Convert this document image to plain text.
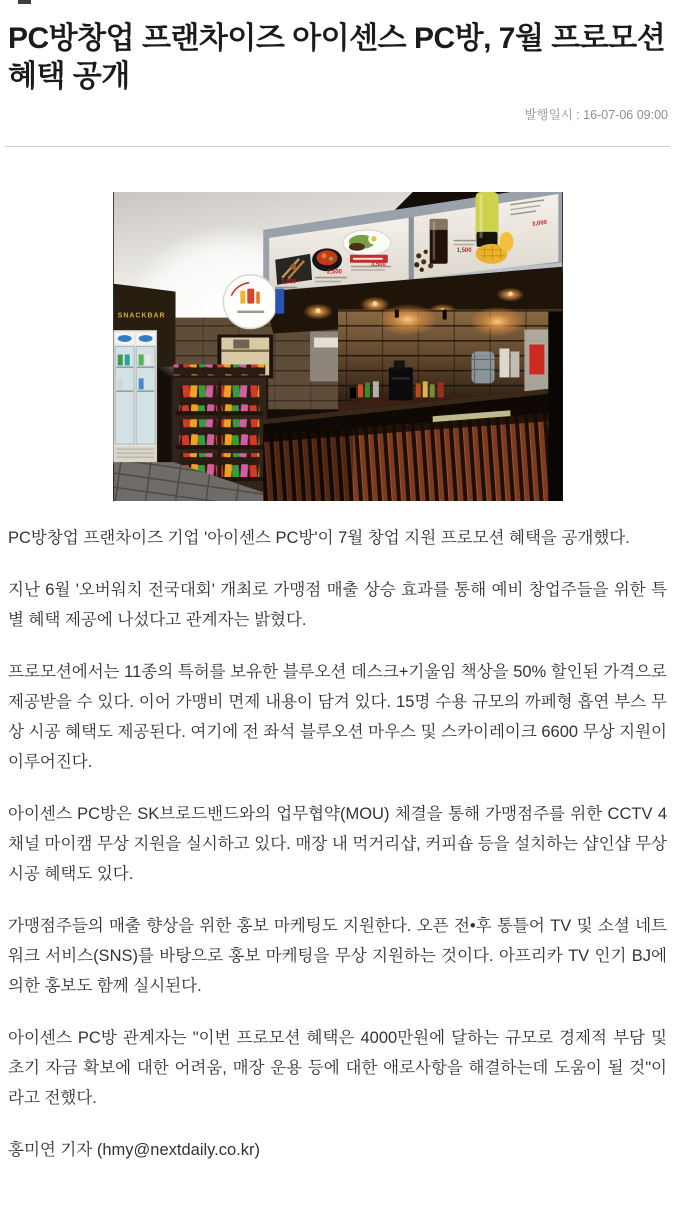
PC방창업 프랜차이즈 아이센스 PC방, 7월 프로모션 혜택 공개
발행일시 : 16-07-06 09:00
SNACKBAR
3,000
2,500
3,500
1,500
3,000

PC방창업 프랜차이즈 기업 '아이센스 PC방'이 7월 창업 지원 프로모션 혜택을 공개했다.

지난 6월 '오버워치 전국대회' 개최로 가맹점 매출 상승 효과를 통해 예비 창업주들을 위한 특별 혜택 제공에 나섰다고 관계자는 밝혔다.

프로모션에서는 11종의 특허를 보유한 블루오션 데스크+기울임 책상을 50% 할인된 가격으로 제공받을 수 있다. 이어 가맹비 면제 내용이 담겨 있다. 15명 수용 규모의 까페형 흡연 부스 무상 시공 혜택도 제공된다. 여기에 전 좌석 블루오션 마우스 및 스카이레이크 6600 무상 지원이 이루어진다.

아이센스 PC방은 SK브로드밴드와의 업무협약(MOU) 체결을 통해 가맹점주를 위한 CCTV 4채널 마이캠 무상 지원을 실시하고 있다. 매장 내 먹거리샵, 커피숍 등을 설치하는 샵인샵 무상 시공 혜택도 있다.

가맹점주들의 매출 향상을 위한 홍보 마케팅도 지원한다. 오픈 전•후 통틀어 TV 및 소셜 네트워크 서비스(SNS)를 바탕으로 홍보 마케팅을 무상 지원하는 것이다. 아프리카 TV 인기 BJ에 의한 홍보도 함께 실시된다.

아이센스 PC방 관계자는 "이번 프로모션 혜택은 4000만원에 달하는 규모로 경제적 부담 및 초기 자금 확보에 대한 어려움, 매장 운용 등에 대한 애로사항을 해결하는데 도움이 될 것"이라고 전했다.

홍미연 기자 (hmy@nextdaily.co.kr)
